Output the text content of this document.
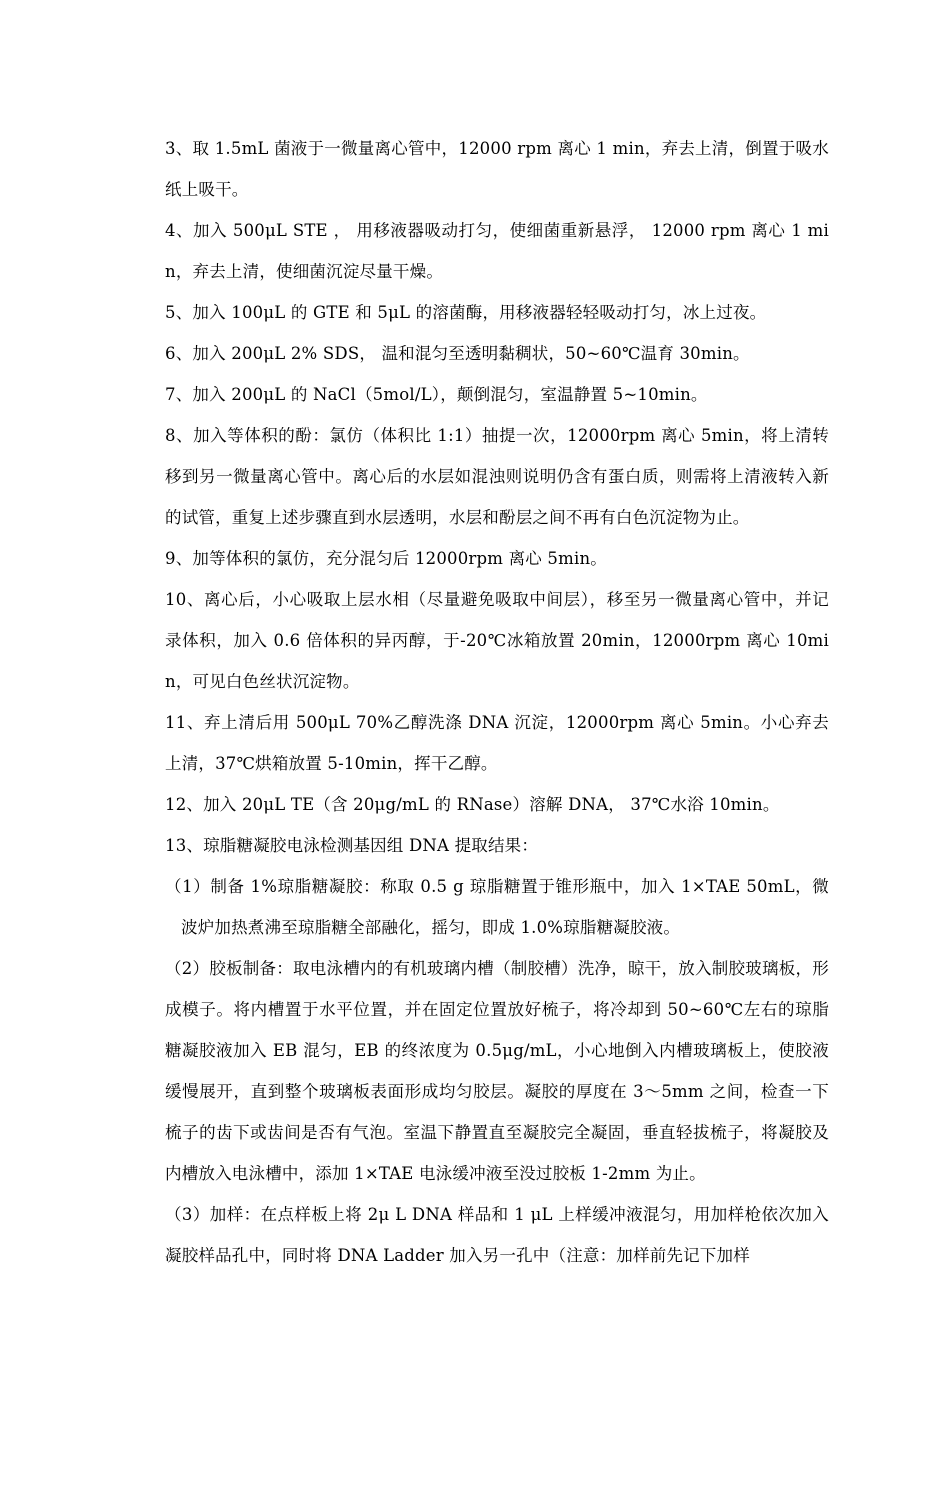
3、取 1.5mL 菌液于一微量离心管中，12000 rpm 离心 1 min，弃去上清，倒置于吸水纸上吸干。

4、加入 500μL STE ， 用移液器吸动打匀，使细菌重新悬浮， 12000 rpm 离心 1 min，弃去上清，使细菌沉淀尽量干燥。

5、加入 100μL 的 GTE 和 5μL 的溶菌酶，用移液器轻轻吸动打匀，冰上过夜。

6、加入 200μL 2% SDS， 温和混匀至透明黏稠状，50~60℃温育 30min。

7、加入 200μL 的 NaCl（5mol/L），颠倒混匀，室温静置 5~10min。

8、加入等体积的酚：氯仿（体积比 1:1）抽提一次，12000rpm 离心 5min，将上清转移到另一微量离心管中。离心后的水层如混浊则说明仍含有蛋白质，则需将上清液转入新的试管，重复上述步骤直到水层透明，水层和酚层之间不再有白色沉淀物为止。

9、加等体积的氯仿，充分混匀后 12000rpm 离心 5min。

10、离心后，小心吸取上层水相（尽量避免吸取中间层），移至另一微量离心管中，并记录体积，加入 0.6 倍体积的异丙醇，于-20℃冰箱放置 20min，12000rpm 离心 10min，可见白色丝状沉淀物。

11、弃上清后用 500μL 70%乙醇洗涤 DNA 沉淀，12000rpm 离心 5min。小心弃去上清，37℃烘箱放置 5-10min，挥干乙醇。

12、加入 20μL TE（含 20μg/mL 的 RNase）溶解 DNA， 37℃水浴 10min。

13、琼脂糖凝胶电泳检测基因组 DNA 提取结果：

（1）制备 1%琼脂糖凝胶：称取 0.5 g 琼脂糖置于锥形瓶中，加入 1×TAE 50mL，微波炉加热煮沸至琼脂糖全部融化，摇匀，即成 1.0%琼脂糖凝胶液。

（2）胶板制备：取电泳槽内的有机玻璃内槽（制胶槽）洗净，晾干，放入制胶玻璃板，形成模子。将内槽置于水平位置，并在固定位置放好梳子，将冷却到 50~60℃左右的琼脂糖凝胶液加入 EB 混匀，EB 的终浓度为 0.5μg/mL，小心地倒入内槽玻璃板上，使胶液缓慢展开，直到整个玻璃板表面形成均匀胶层。凝胶的厚度在 3～5mm 之间，检查一下梳子的齿下或齿间是否有气泡。室温下静置直至凝胶完全凝固，垂直轻拔梳子，将凝胶及内槽放入电泳槽中，添加 1×TAE 电泳缓冲液至没过胶板 1-2mm 为止。

（3）加样：在点样板上将 2μ L DNA 样品和 1 μL 上样缓冲液混匀，用加样枪依次加入凝胶样品孔中，同时将 DNA Ladder 加入另一孔中（注意：加样前先记下加样
